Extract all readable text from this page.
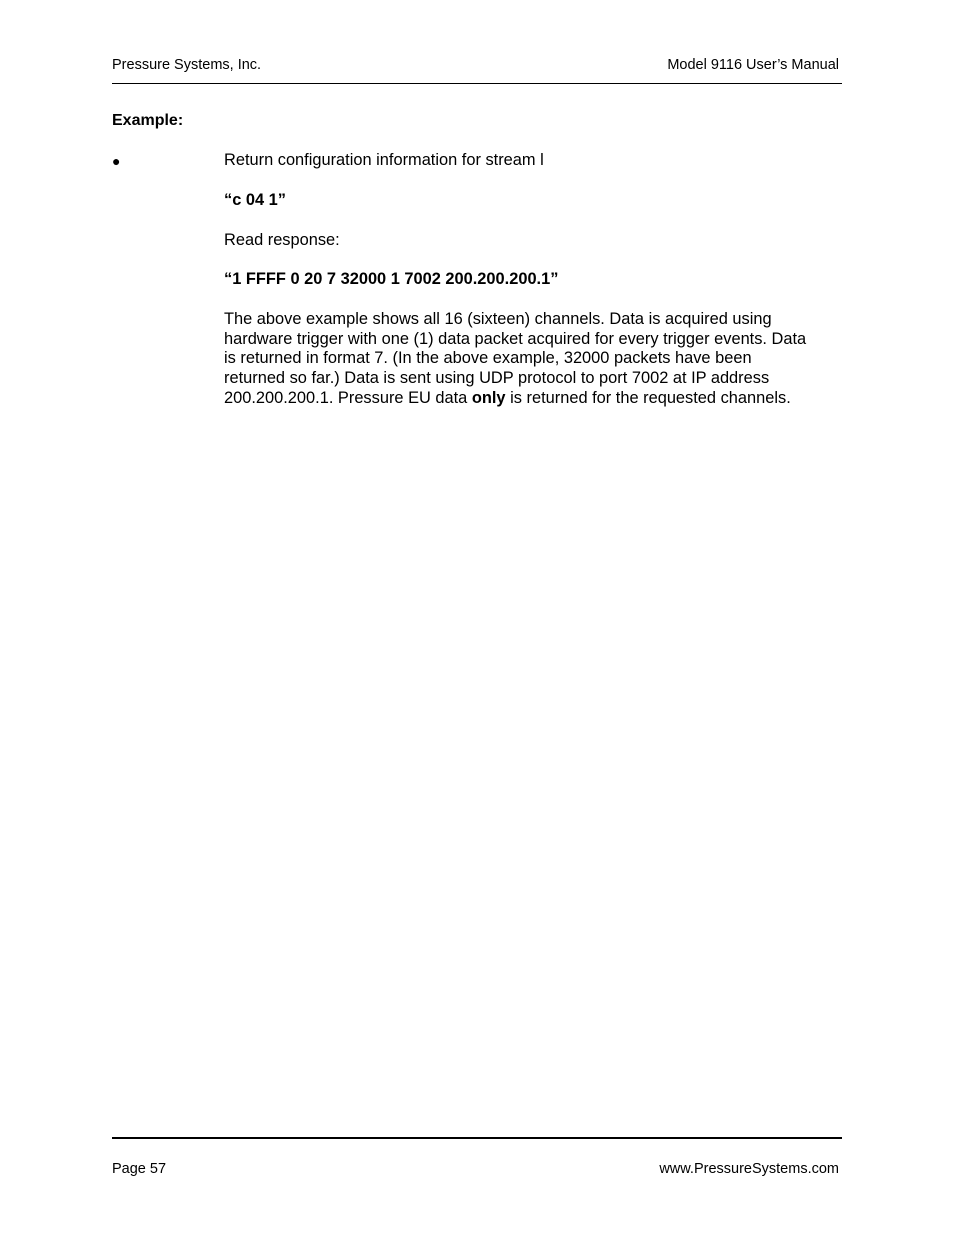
Pressure Systems, Inc.	Model 9116 User’s Manual
Example:
●	Return configuration information for stream l
“c 04 1”
Read response:
“1 FFFF 0 20 7 32000 1 7002 200.200.200.1”
The above example shows all 16 (sixteen) channels. Data is acquired using
hardware trigger with one (1) data packet acquired for every trigger events. Data
is returned in format 7. (In the above example, 32000 packets have been
returned so far.) Data is sent using UDP protocol to port 7002 at IP address
200.200.200.1. Pressure EU data only is returned for the requested channels.
Page 57	www.PressureSystems.com
